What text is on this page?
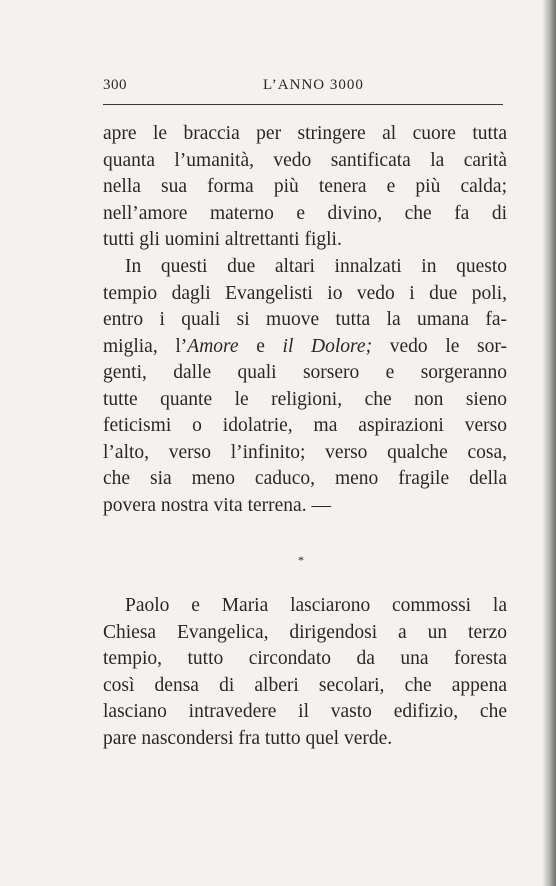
300	L’ANNO 3000
apre le braccia per stringere al cuore tutta
quanta l’umanità, vedo santificata la carità
nella sua forma più tenera e più calda;
nell’amore materno e divino, che fa di
tutti gli uomini altrettanti figli.
In questi due altari innalzati in questo
tempio dagli Evangelisti io vedo i due poli,
entro i quali si muove tutta la umana fa-
miglia, l’Amore e il Dolore; vedo le sor-
genti, dalle quali sorsero e sorgeranno
tutte quante le religioni, che non sieno
feticismi o idolatrie, ma aspirazioni verso
l’alto, verso l’infinito; verso qualche cosa,
che sia meno caduco, meno fragile della
povera nostra vita terrena. —
*
Paolo e Maria lasciarono commossi la
Chiesa Evangelica, dirigendosi a un terzo
tempio, tutto circondato da una foresta
così densa di alberi secolari, che appena
lasciano intravedere il vasto edifizio, che
pare nascondersi fra tutto quel verde.
